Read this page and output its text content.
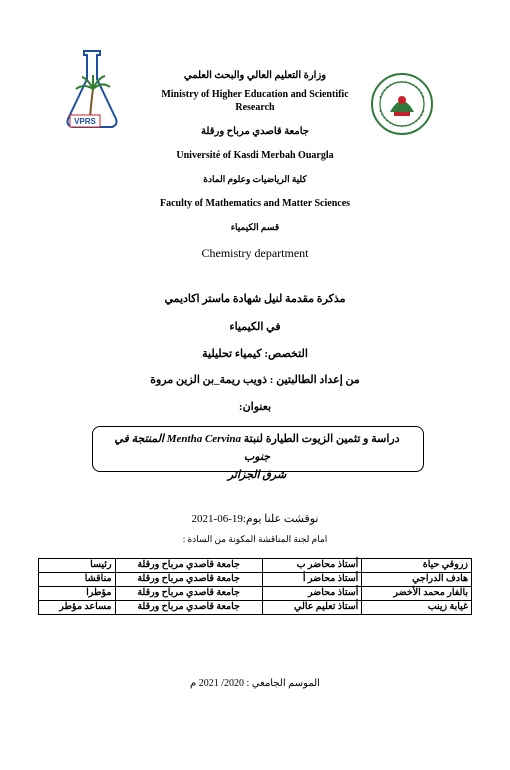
VPRS
وزارة التعليم العالي والبحث العلمي
Ministry of Higher Education and Scientific
Research
جامعة قاصدي مرباح ورقلة
Université of Kasdi Merbah Ouargla
كلية الرياضيات وعلوم المادة
Faculty of Mathematics and Matter Sciences
قسم الكيمياء
Chemistry department
مذكرة مقدمة لنيل شهادة ماستر اكاديمي
في الكيمياء
التخصص: كيمياء تحليلية
من إعداد الطالبتين : ذويب ريمة_بن الزين مروة
بعنوان:
دراسة و تثمين الزيوت الطيارة لنبتة Mentha Cervina المنتجة في جنوب
شرق الجزائر
نوقشت علنا يوم:19-06-2021
امام لجنة المناقشة المكونة من السادة :
زروقي حياة	أستاذ محاضر ب	جامعة قاصدي مرباح ورقلة	رئيسا
هادف الدراجي	أستاذ محاضر أ	جامعة قاصدي مرباح ورقلة	مناقشا
بالفار محمد الأخضر	أستاذ محاضر	جامعة قاصدي مرباح ورقلة	مؤطرا
غيابة زينب	أستاذ تعليم عالي	جامعة قاصدي مرباح ورقلة	مساعد مؤطر
الموسم الجامعي : 2020/ 2021 م
